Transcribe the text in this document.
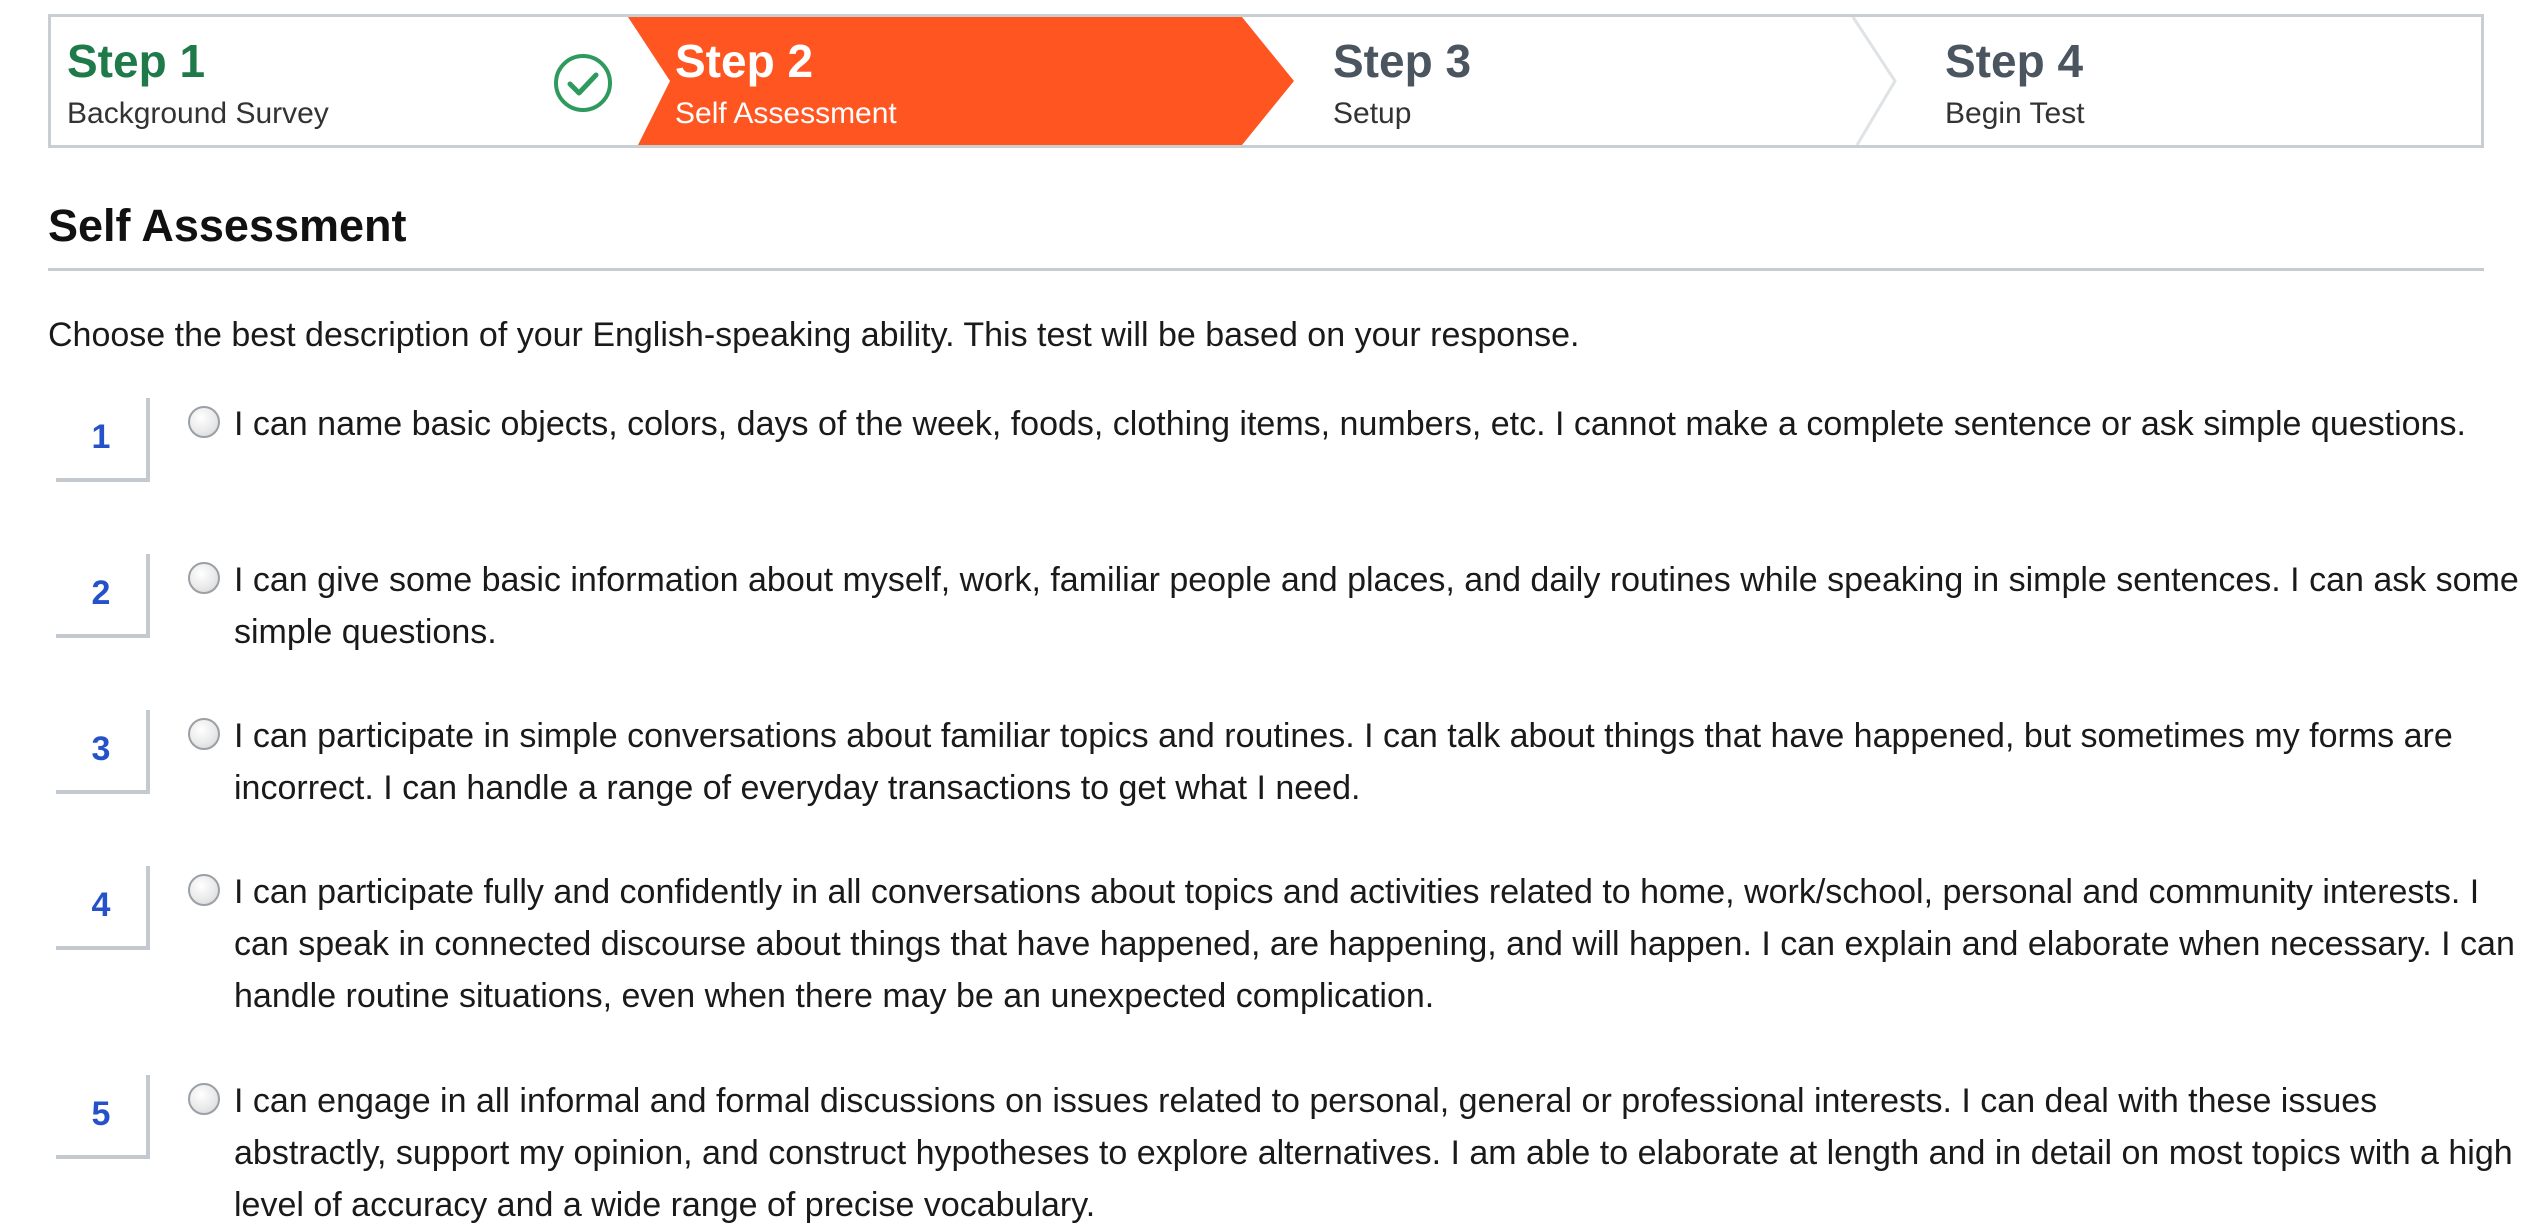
Step 1
Background Survey
Step 2
Self Assessment
Step 3
Setup
Step 4
Begin Test
Self Assessment
Choose the best description of your English-speaking ability. This test will be based on your response.
1	I can name basic objects, colors, days of the week, foods, clothing items, numbers, etc. I cannot make a complete sentence or ask simple questions.
2	I can give some basic information about myself, work, familiar people and places, and daily routines while speaking in simple sentences. I can ask some simple questions.
3	I can participate in simple conversations about familiar topics and routines. I can talk about things that have happened, but sometimes my forms are incorrect. I can handle a range of everyday transactions to get what I need.
4	I can participate fully and confidently in all conversations about topics and activities related to home, work/school, personal and community interests. I can speak in connected discourse about things that have happened, are happening, and will happen. I can explain and elaborate when necessary. I can handle routine situations, even when there may be an unexpected complication.
5	I can engage in all informal and formal discussions on issues related to personal, general or professional interests. I can deal with these issues abstractly, support my opinion, and construct hypotheses to explore alternatives. I am able to elaborate at length and in detail on most topics with a high level of accuracy and a wide range of precise vocabulary.
